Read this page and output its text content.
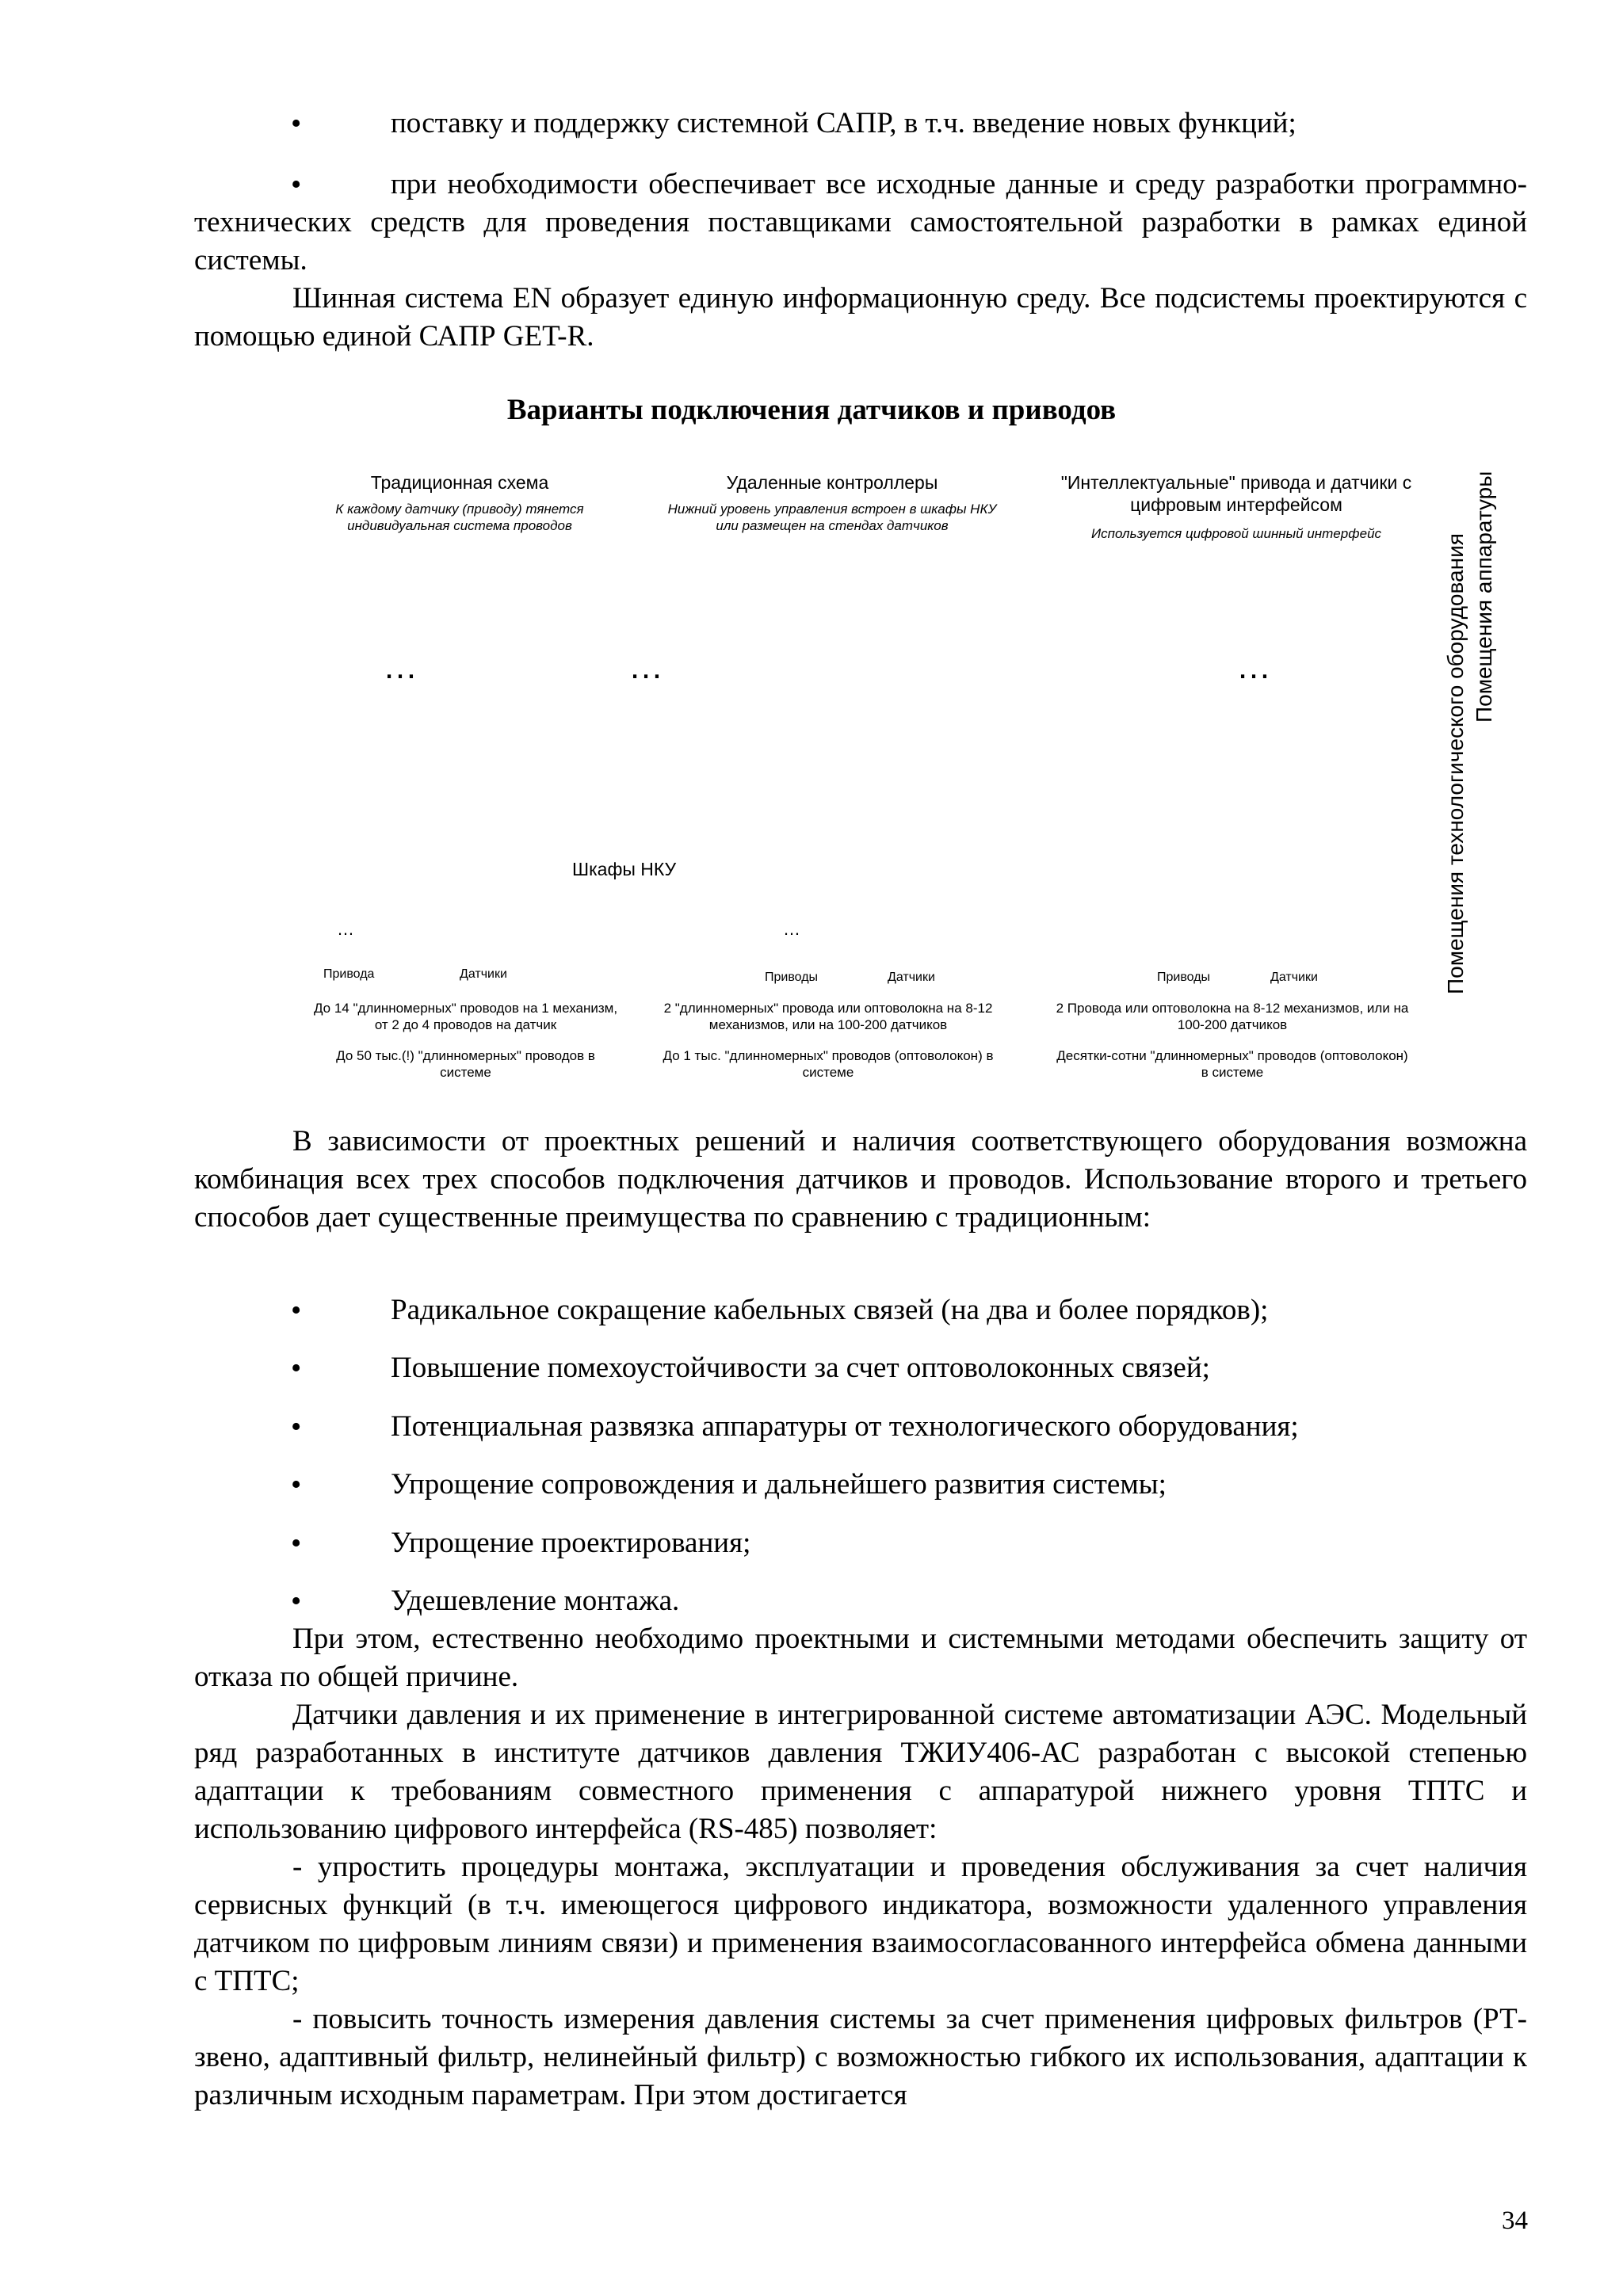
•	поставку и поддержку системной САПР, в т.ч. введение новых функций;
•	при необходимости обеспечивает все исходные данные и среду разработки программно-технических средств для проведения поставщиками самостоятельной разработки в рамках единой системы.
Шинная система EN образует единую информационную среду. Все подсистемы проектируются с помощью единой САПР GET-R.
Варианты подключения датчиков и приводов
Традиционная схема
К каждому датчику (приводу) тянется индивидуальная система проводов
Удаленные контроллеры
Нижний уровень управления встроен в шкафы НКУ или размещен на стендах датчиков
"Интеллектуальные" привода и датчики с цифровым интерфейсом
Используется цифровой шинный интерфейс
…	…	…
Шкафы НКУ
…	…
Привода	Датчики	Приводы	Датчики	Приводы	Датчики
До 14 "длинномерных" проводов на 1 механизм, от 2 до 4 проводов на датчик
До 50 тыс.(!) "длинномерных" проводов в системе
2 "длинномерных" провода или оптоволокна на 8-12 механизмов, или на 100-200 датчиков
До 1 тыс. "длинномерных" проводов (оптоволокон) в системе
2 Провода или оптоволокна на 8-12 механизмов, или на 100-200 датчиков
Десятки-сотни "длинномерных" проводов (оптоволокон) в системе
Помещения аппаратуры
Помещения технологического оборудования
В зависимости от проектных решений и наличия соответствующего оборудования возможна комбинация всех трех способов подключения датчиков и проводов. Использование второго и третьего способов дает существенные преимущества по сравнению с традиционным:
•	Радикальное сокращение кабельных связей (на два и более порядков);
•	Повышение помехоустойчивости за счет оптоволоконных связей;
•	Потенциальная развязка аппаратуры от технологического оборудования;
•	Упрощение сопровождения и дальнейшего развития системы;
•	Упрощение проектирования;
•	Удешевление монтажа.
При этом, естественно необходимо проектными и системными методами обеспечить защиту от отказа по общей причине.
Датчики давления и их применение в интегрированной системе автоматизации АЭС. Модельный ряд разработанных в институте датчиков давления ТЖИУ406-АС разработан с высокой степенью адаптации к требованиям совместного применения с аппаратурой нижнего уровня ТПТС и использованию цифрового интерфейса (RS-485) позволяет:
- упростить процедуры монтажа, эксплуатации и проведения обслуживания за счет наличия сервисных функций (в т.ч. имеющегося цифрового индикатора, возможности удаленного управления датчиком по цифровым линиям связи) и применения взаимосогласованного интерфейса обмена данными с ТПТС;
- повысить точность измерения давления системы за счет применения цифровых фильтров (РТ-звено, адаптивный фильтр, нелинейный фильтр) с возможностью гибкого их использования, адаптации к различным исходным параметрам. При этом достигается
34
